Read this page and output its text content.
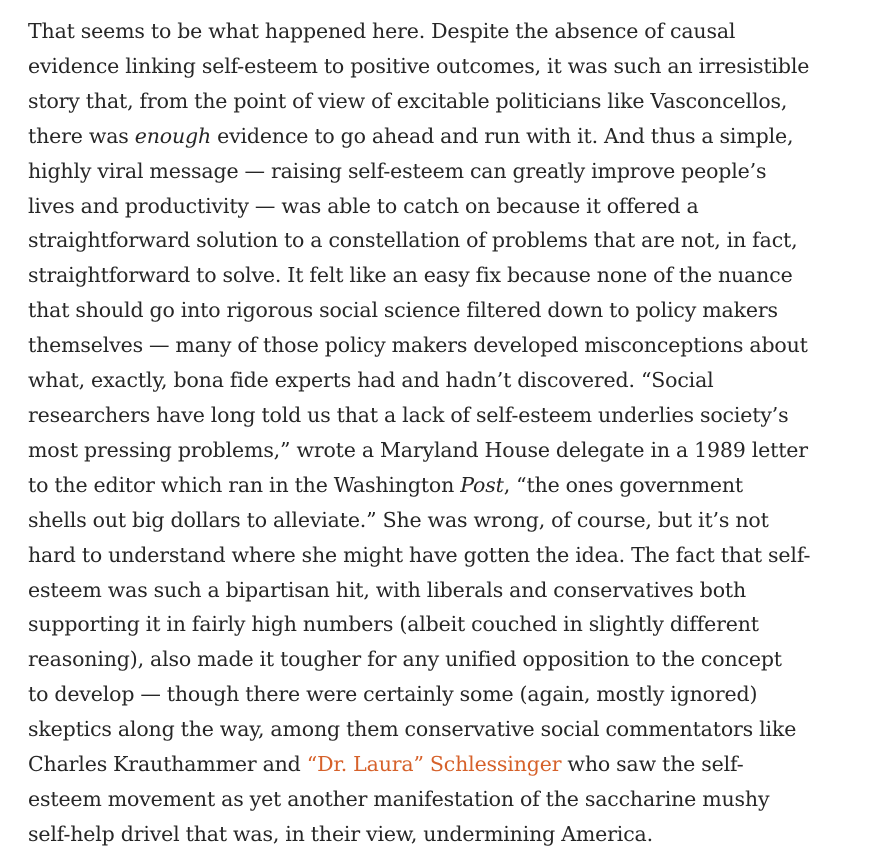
That seems to be what happened here. Despite the absence of causal
evidence linking self-esteem to positive outcomes, it was such an irresistible
story that, from the point of view of excitable politicians like Vasconcellos,
there was enough evidence to go ahead and run with it. And thus a simple,
highly viral message — raising self-esteem can greatly improve people’s
lives and productivity — was able to catch on because it offered a
straightforward solution to a constellation of problems that are not, in fact,
straightforward to solve. It felt like an easy fix because none of the nuance
that should go into rigorous social science filtered down to policy makers
themselves — many of those policy makers developed misconceptions about
what, exactly, bona fide experts had and hadn’t discovered. “Social
researchers have long told us that a lack of self-esteem underlies society’s
most pressing problems,” wrote a Maryland House delegate in a 1989 letter
to the editor which ran in the Washington Post, “the ones government
shells out big dollars to alleviate.” She was wrong, of course, but it’s not
hard to understand where she might have gotten the idea. The fact that self-
esteem was such a bipartisan hit, with liberals and conservatives both
supporting it in fairly high numbers (albeit couched in slightly different
reasoning), also made it tougher for any unified opposition to the concept
to develop — though there were certainly some (again, mostly ignored)
skeptics along the way, among them conservative social commentators like
Charles Krauthammer and “Dr. Laura” Schlessinger who saw the self-
esteem movement as yet another manifestation of the saccharine mushy
self-help drivel that was, in their view, undermining America.
